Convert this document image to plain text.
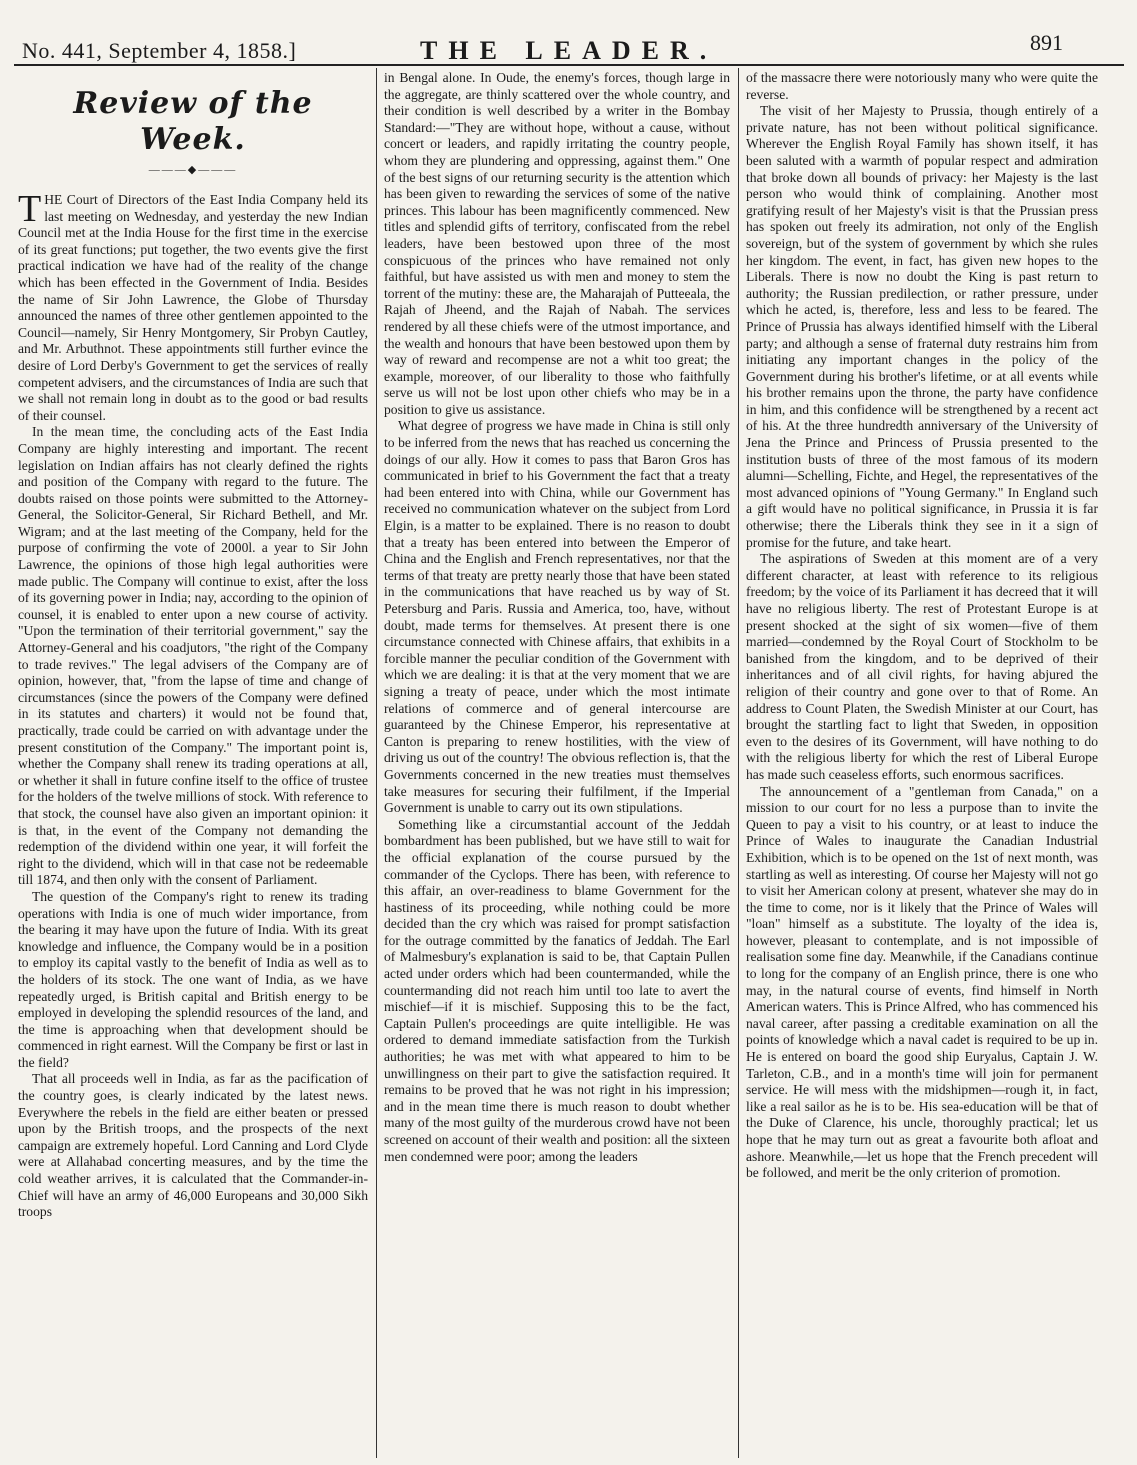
No. 441, September 4, 1858.]	THE LEADER.	891
Review of the Week.
———◆———

THE Court of Directors of the East India Company held its last meeting on Wednesday, and yesterday the new Indian Council met at the India House for the first time in the exercise of its great functions; put together, the two events give the first practical indication we have had of the reality of the change which has been effected in the Government of India. Besides the name of Sir John Lawrence, the Globe of Thursday announced the names of three other gentlemen appointed to the Council—namely, Sir Henry Montgomery, Sir Probyn Cautley, and Mr. Arbuthnot. These appointments still further evince the desire of Lord Derby's Government to get the services of really competent advisers, and the circumstances of India are such that we shall not remain long in doubt as to the good or bad results of their counsel.

In the mean time, the concluding acts of the East India Company are highly interesting and important. The recent legislation on Indian affairs has not clearly defined the rights and position of the Company with regard to the future. The doubts raised on those points were submitted to the Attorney-General, the Solicitor-General, Sir Richard Bethell, and Mr. Wigram; and at the last meeting of the Company, held for the purpose of confirming the vote of 2000l. a year to Sir John Lawrence, the opinions of those high legal authorities were made public. The Company will continue to exist, after the loss of its governing power in India; nay, according to the opinion of counsel, it is enabled to enter upon a new course of activity. "Upon the termination of their territorial government," say the Attorney-General and his coadjutors, "the right of the Company to trade revives." The legal advisers of the Company are of opinion, however, that, "from the lapse of time and change of circumstances (since the powers of the Company were defined in its statutes and charters) it would not be found that, practically, trade could be carried on with advantage under the present constitution of the Company." The important point is, whether the Company shall renew its trading operations at all, or whether it shall in future confine itself to the office of trustee for the holders of the twelve millions of stock. With reference to that stock, the counsel have also given an important opinion: it is that, in the event of the Company not demanding the redemption of the dividend within one year, it will forfeit the right to the dividend, which will in that case not be redeemable till 1874, and then only with the consent of Parliament.

The question of the Company's right to renew its trading operations with India is one of much wider importance, from the bearing it may have upon the future of India. With its great knowledge and influence, the Company would be in a position to employ its capital vastly to the benefit of India as well as to the holders of its stock. The one want of India, as we have repeatedly urged, is British capital and British energy to be employed in developing the splendid resources of the land, and the time is approaching when that development should be commenced in right earnest. Will the Company be first or last in the field?

That all proceeds well in India, as far as the pacification of the country goes, is clearly indicated by the latest news. Everywhere the rebels in the field are either beaten or pressed upon by the British troops, and the prospects of the next campaign are extremely hopeful. Lord Canning and Lord Clyde were at Allahabad concerting measures, and by the time the cold weather arrives, it is calculated that the Commander-in-Chief will have an army of 46,000 Europeans and 30,000 Sikh troops

in Bengal alone. In Oude, the enemy's forces, though large in the aggregate, are thinly scattered over the whole country, and their condition is well described by a writer in the Bombay Standard:—"They are without hope, without a cause, without concert or leaders, and rapidly irritating the country people, whom they are plundering and oppressing, against them." One of the best signs of our returning security is the attention which has been given to rewarding the services of some of the native princes. This labour has been magnificently commenced. New titles and splendid gifts of territory, confiscated from the rebel leaders, have been bestowed upon three of the most conspicuous of the princes who have remained not only faithful, but have assisted us with men and money to stem the torrent of the mutiny: these are, the Maharajah of Putteeala, the Rajah of Jheend, and the Rajah of Nabah. The services rendered by all these chiefs were of the utmost importance, and the wealth and honours that have been bestowed upon them by way of reward and recompense are not a whit too great; the example, moreover, of our liberality to those who faithfully serve us will not be lost upon other chiefs who may be in a position to give us assistance.

What degree of progress we have made in China is still only to be inferred from the news that has reached us concerning the doings of our ally. How it comes to pass that Baron Gros has communicated in brief to his Government the fact that a treaty had been entered into with China, while our Government has received no communication whatever on the subject from Lord Elgin, is a matter to be explained. There is no reason to doubt that a treaty has been entered into between the Emperor of China and the English and French representatives, nor that the terms of that treaty are pretty nearly those that have been stated in the communications that have reached us by way of St. Petersburg and Paris. Russia and America, too, have, without doubt, made terms for themselves. At present there is one circumstance connected with Chinese affairs, that exhibits in a forcible manner the peculiar condition of the Government with which we are dealing: it is that at the very moment that we are signing a treaty of peace, under which the most intimate relations of commerce and of general intercourse are guaranteed by the Chinese Emperor, his representative at Canton is preparing to renew hostilities, with the view of driving us out of the country! The obvious reflection is, that the Governments concerned in the new treaties must themselves take measures for securing their fulfilment, if the Imperial Government is unable to carry out its own stipulations.

Something like a circumstantial account of the Jeddah bombardment has been published, but we have still to wait for the official explanation of the course pursued by the commander of the Cyclops. There has been, with reference to this affair, an over-readiness to blame Government for the hastiness of its proceeding, while nothing could be more decided than the cry which was raised for prompt satisfaction for the outrage committed by the fanatics of Jeddah. The Earl of Malmesbury's explanation is said to be, that Captain Pullen acted under orders which had been countermanded, while the countermanding did not reach him until too late to avert the mischief—if it is mischief. Supposing this to be the fact, Captain Pullen's proceedings are quite intelligible. He was ordered to demand immediate satisfaction from the Turkish authorities; he was met with what appeared to him to be unwillingness on their part to give the satisfaction required. It remains to be proved that he was not right in his impression; and in the mean time there is much reason to doubt whether many of the most guilty of the murderous crowd have not been screened on account of their wealth and position: all the sixteen men condemned were poor; among the leaders

of the massacre there were notoriously many who were quite the reverse.

The visit of her Majesty to Prussia, though entirely of a private nature, has not been without political significance. Wherever the English Royal Family has shown itself, it has been saluted with a warmth of popular respect and admiration that broke down all bounds of privacy: her Majesty is the last person who would think of complaining. Another most gratifying result of her Majesty's visit is that the Prussian press has spoken out freely its admiration, not only of the English sovereign, but of the system of government by which she rules her kingdom. The event, in fact, has given new hopes to the Liberals. There is now no doubt the King is past return to authority; the Russian predilection, or rather pressure, under which he acted, is, therefore, less and less to be feared. The Prince of Prussia has always identified himself with the Liberal party; and although a sense of fraternal duty restrains him from initiating any important changes in the policy of the Government during his brother's lifetime, or at all events while his brother remains upon the throne, the party have confidence in him, and this confidence will be strengthened by a recent act of his. At the three hundredth anniversary of the University of Jena the Prince and Princess of Prussia presented to the institution busts of three of the most famous of its modern alumni—Schelling, Fichte, and Hegel, the representatives of the most advanced opinions of "Young Germany." In England such a gift would have no political significance, in Prussia it is far otherwise; there the Liberals think they see in it a sign of promise for the future, and take heart.

The aspirations of Sweden at this moment are of a very different character, at least with reference to its religious freedom; by the voice of its Parliament it has decreed that it will have no religious liberty. The rest of Protestant Europe is at present shocked at the sight of six women—five of them married—condemned by the Royal Court of Stockholm to be banished from the kingdom, and to be deprived of their inheritances and of all civil rights, for having abjured the religion of their country and gone over to that of Rome. An address to Count Platen, the Swedish Minister at our Court, has brought the startling fact to light that Sweden, in opposition even to the desires of its Government, will have nothing to do with the religious liberty for which the rest of Liberal Europe has made such ceaseless efforts, such enormous sacrifices.

The announcement of a "gentleman from Canada," on a mission to our court for no less a purpose than to invite the Queen to pay a visit to his country, or at least to induce the Prince of Wales to inaugurate the Canadian Industrial Exhibition, which is to be opened on the 1st of next month, was startling as well as interesting. Of course her Majesty will not go to visit her American colony at present, whatever she may do in the time to come, nor is it likely that the Prince of Wales will "loan" himself as a substitute. The loyalty of the idea is, however, pleasant to contemplate, and is not impossible of realisation some fine day. Meanwhile, if the Canadians continue to long for the company of an English prince, there is one who may, in the natural course of events, find himself in North American waters. This is Prince Alfred, who has commenced his naval career, after passing a creditable examination on all the points of knowledge which a naval cadet is required to be up in. He is entered on board the good ship Euryalus, Captain J. W. Tarleton, C.B., and in a month's time will join for permanent service. He will mess with the midshipmen—rough it, in fact, like a real sailor as he is to be. His sea-education will be that of the Duke of Clarence, his uncle, thoroughly practical; let us hope that he may turn out as great a favourite both afloat and ashore. Meanwhile,—let us hope that the French precedent will be followed, and merit be the only criterion of promotion.
